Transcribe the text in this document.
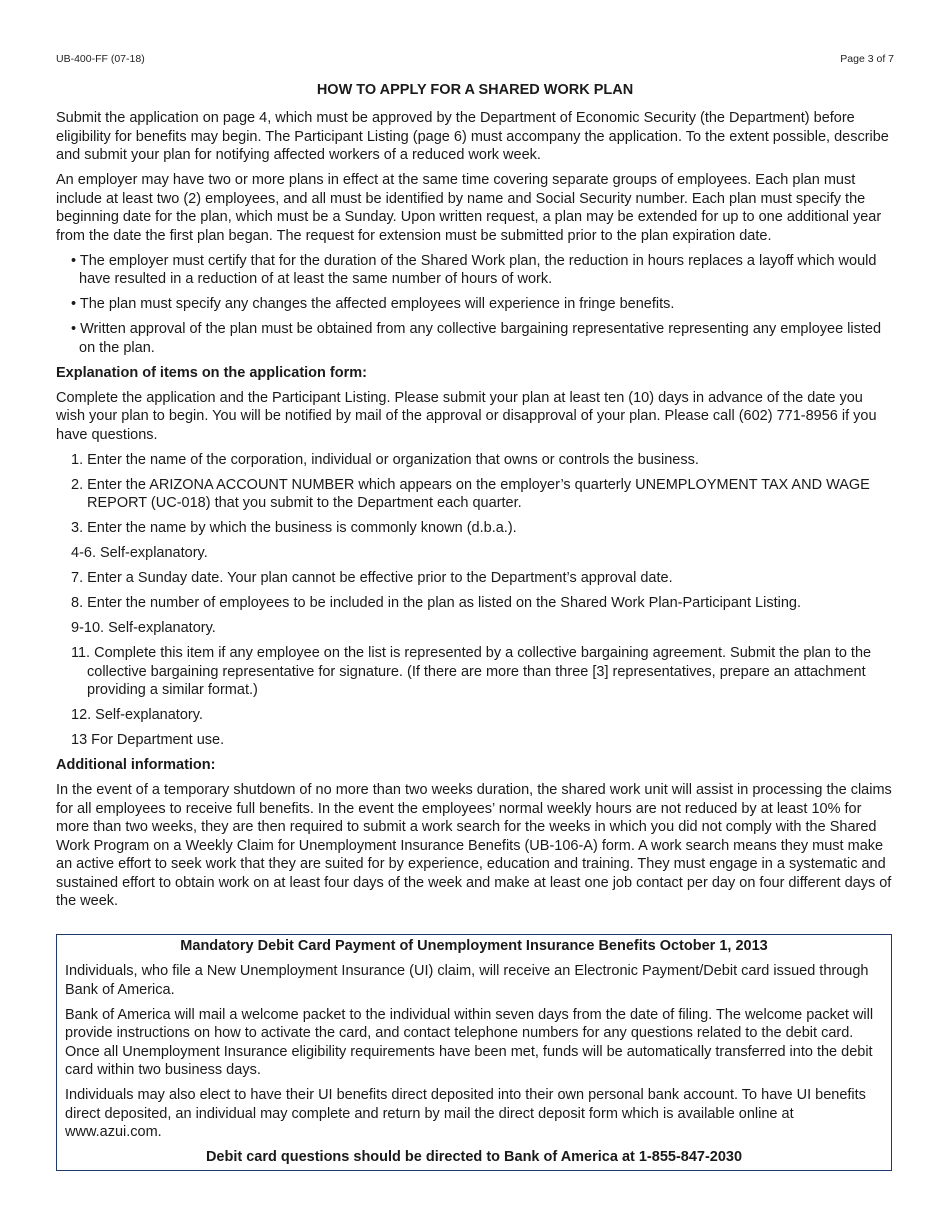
UB-400-FF (07-18)	Page 3 of 7
HOW TO APPLY FOR A SHARED WORK PLAN

Submit the application on page 4, which must be approved by the Department of Economic Security (the Department) before eligibility for benefits may begin. The Participant Listing (page 6) must accompany the application. To the extent possible, describe and submit your plan for notifying affected workers of a reduced work week.

An employer may have two or more plans in effect at the same time covering separate groups of employees. Each plan must include at least two (2) employees, and all must be identified by name and Social Security number. Each plan must specify the beginning date for the plan, which must be a Sunday. Upon written request, a plan may be extended for up to one additional year from the date the first plan began. The request for extension must be submitted prior to the plan expiration date.

• The employer must certify that for the duration of the Shared Work plan, the reduction in hours replaces a layoff which would have resulted in a reduction of at least the same number of hours of work.
• The plan must specify any changes the affected employees will experience in fringe benefits.
• Written approval of the plan must be obtained from any collective bargaining representative representing any employee listed on the plan.
Explanation of items on the application form:

Complete the application and the Participant Listing. Please submit your plan at least ten (10) days in advance of the date you wish your plan to begin. You will be notified by mail of the approval or disapproval of your plan. Please call (602) 771-8956 if you have questions.

1. Enter the name of the corporation, individual or organization that owns or controls the business.
2. Enter the ARIZONA ACCOUNT NUMBER which appears on the employer’s quarterly UNEMPLOYMENT TAX AND WAGE REPORT (UC-018) that you submit to the Department each quarter.
3. Enter the name by which the business is commonly known (d.b.a.).
4-6. Self-explanatory.
7. Enter a Sunday date. Your plan cannot be effective prior to the Department’s approval date.
8. Enter the number of employees to be included in the plan as listed on the Shared Work Plan-Participant Listing.
9-10. Self-explanatory.
11. Complete this item if any employee on the list is represented by a collective bargaining agreement. Submit the plan to the collective bargaining representative for signature. (If there are more than three [3] representatives, prepare an attachment providing a similar format.)
12. Self-explanatory.
13 For Department use.
Additional information:

In the event of a temporary shutdown of no more than two weeks duration, the shared work unit will assist in processing the claims for all employees to receive full benefits. In the event the employees’ normal weekly hours are not reduced by at least 10% for more than two weeks, they are then required to submit a work search for the weeks in which you did not comply with the Shared Work Program on a Weekly Claim for Unemployment Insurance Benefits (UB-106-A) form. A work search means they must make an active effort to seek work that they are suited for by experience, education and training. They must engage in a systematic and sustained effort to obtain work on at least four days of the week and make at least one job contact per day on four different days of the week.

Mandatory Debit Card Payment of Unemployment Insurance Benefits October 1, 2013

Individuals, who file a New Unemployment Insurance (UI) claim, will receive an Electronic Payment/Debit card issued through Bank of America.

Bank of America will mail a welcome packet to the individual within seven days from the date of filing. The welcome packet will provide instructions on how to activate the card, and contact telephone numbers for any questions related to the debit card. Once all Unemployment Insurance eligibility requirements have been met, funds will be automatically transferred into the debit card within two business days.

Individuals may also elect to have their UI benefits direct deposited into their own personal bank account. To have UI benefits direct deposited, an individual may complete and return by mail the direct deposit form which is available online at www.azui.com.

Debit card questions should be directed to Bank of America at 1-855-847-2030
